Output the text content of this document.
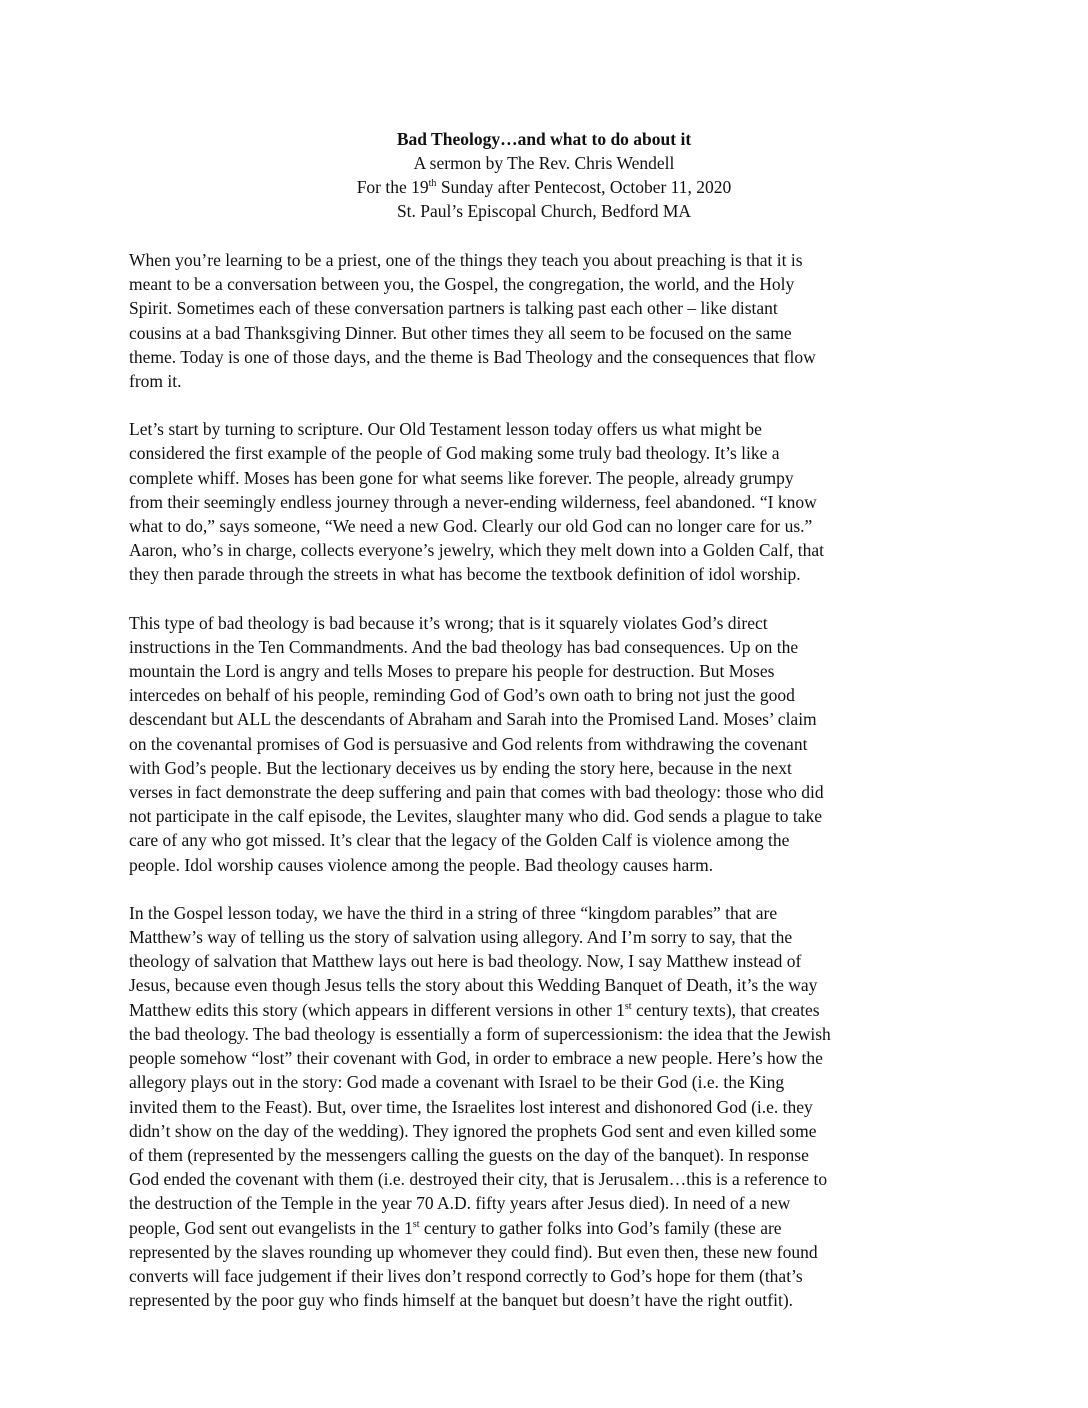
Bad Theology…and what to do about it
A sermon by The Rev. Chris Wendell
For the 19th Sunday after Pentecost, October 11, 2020
St. Paul’s Episcopal Church, Bedford MA

When you’re learning to be a priest, one of the things they teach you about preaching is that it is
meant to be a conversation between you, the Gospel, the congregation, the world, and the Holy
Spirit. Sometimes each of these conversation partners is talking past each other – like distant
cousins at a bad Thanksgiving Dinner. But other times they all seem to be focused on the same
theme. Today is one of those days, and the theme is Bad Theology and the consequences that flow
from it.

Let’s start by turning to scripture. Our Old Testament lesson today offers us what might be
considered the first example of the people of God making some truly bad theology. It’s like a
complete whiff. Moses has been gone for what seems like forever. The people, already grumpy
from their seemingly endless journey through a never-ending wilderness, feel abandoned. “I know
what to do,” says someone, “We need a new God. Clearly our old God can no longer care for us.”
Aaron, who’s in charge, collects everyone’s jewelry, which they melt down into a Golden Calf, that
they then parade through the streets in what has become the textbook definition of idol worship.

This type of bad theology is bad because it’s wrong; that is it squarely violates God’s direct
instructions in the Ten Commandments. And the bad theology has bad consequences. Up on the
mountain the Lord is angry and tells Moses to prepare his people for destruction. But Moses
intercedes on behalf of his people, reminding God of God’s own oath to bring not just the good
descendant but ALL the descendants of Abraham and Sarah into the Promised Land. Moses’ claim
on the covenantal promises of God is persuasive and God relents from withdrawing the covenant
with God’s people. But the lectionary deceives us by ending the story here, because in the next
verses in fact demonstrate the deep suffering and pain that comes with bad theology: those who did
not participate in the calf episode, the Levites, slaughter many who did. God sends a plague to take
care of any who got missed. It’s clear that the legacy of the Golden Calf is violence among the
people. Idol worship causes violence among the people. Bad theology causes harm.

In the Gospel lesson today, we have the third in a string of three “kingdom parables” that are
Matthew’s way of telling us the story of salvation using allegory. And I’m sorry to say, that the
theology of salvation that Matthew lays out here is bad theology. Now, I say Matthew instead of
Jesus, because even though Jesus tells the story about this Wedding Banquet of Death, it’s the way
Matthew edits this story (which appears in different versions in other 1st century texts), that creates
the bad theology. The bad theology is essentially a form of supercessionism: the idea that the Jewish
people somehow “lost” their covenant with God, in order to embrace a new people. Here’s how the
allegory plays out in the story: God made a covenant with Israel to be their God (i.e. the King
invited them to the Feast). But, over time, the Israelites lost interest and dishonored God (i.e. they
didn’t show on the day of the wedding). They ignored the prophets God sent and even killed some
of them (represented by the messengers calling the guests on the day of the banquet). In response
God ended the covenant with them (i.e. destroyed their city, that is Jerusalem…this is a reference to
the destruction of the Temple in the year 70 A.D. fifty years after Jesus died). In need of a new
people, God sent out evangelists in the 1st century to gather folks into God’s family (these are
represented by the slaves rounding up whomever they could find). But even then, these new found
converts will face judgement if their lives don’t respond correctly to God’s hope for them (that’s
represented by the poor guy who finds himself at the banquet but doesn’t have the right outfit).
